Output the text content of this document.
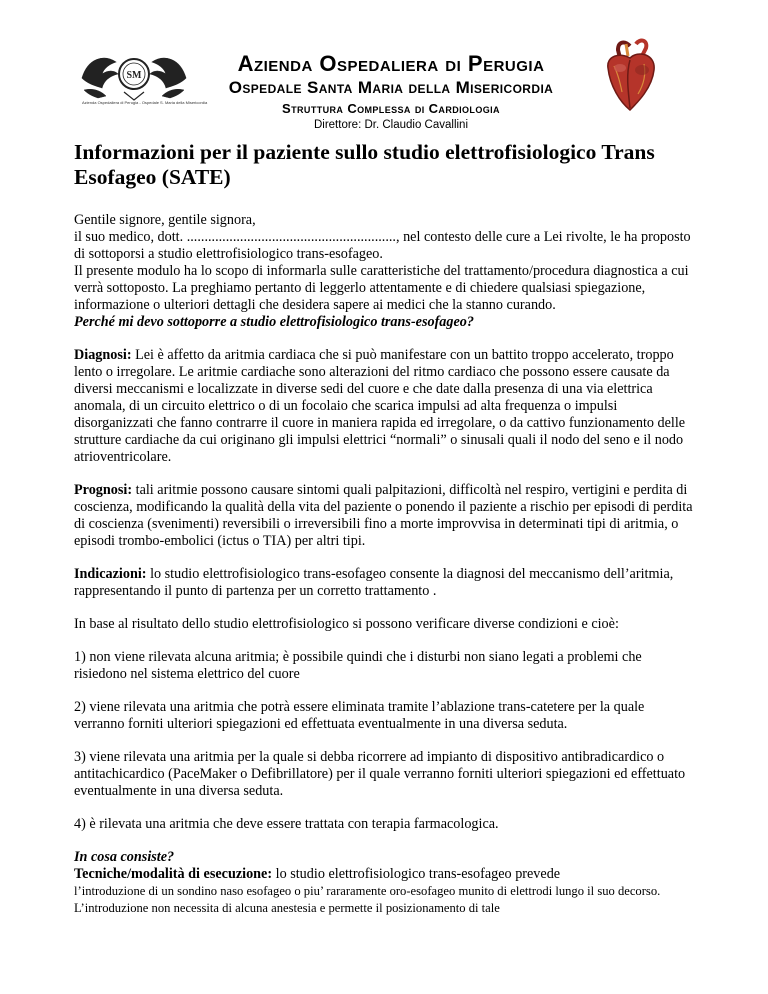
SM
Azienda Ospedaliera di Perugia - Ospedale S. Maria della Misericordia
Azienda Ospedaliera di Perugia
Ospedale Santa Maria della Misericordia
Struttura Complessa di Cardiologia
Direttore: Dr. Claudio Cavallini
Informazioni per il paziente sullo studio elettrofisiologico Trans Esofageo (SATE)
Gentile signore, gentile signora,
il suo medico, dott. ..........................................................., nel contesto delle cure a Lei rivolte, le ha proposto di sottoporsi a studio elettrofisiologico trans-esofageo.
Il presente modulo ha lo scopo di informarla sulle caratteristiche del trattamento/procedura diagnostica a cui verrà sottoposto. La preghiamo pertanto di leggerlo attentamente e di chiedere qualsiasi spiegazione, informazione o ulteriori dettagli che desidera sapere ai medici che la stanno curando.
Perché mi devo sottoporre a studio elettrofisiologico trans-esofageo?
Diagnosi: Lei è affetto da aritmia cardiaca che si può manifestare con un battito troppo accelerato, troppo lento o irregolare. Le aritmie cardiache sono alterazioni del ritmo cardiaco che possono essere causate da diversi meccanismi e localizzate in diverse sedi del cuore e che date dalla presenza di una via elettrica anomala, di un circuito elettrico o di un focolaio che scarica impulsi ad alta frequenza o impulsi disorganizzati che fanno contrarre il cuore in maniera rapida ed irregolare, o da cattivo funzionamento delle strutture cardiache da cui originano gli impulsi elettrici “normali” o sinusali quali il nodo del seno e il nodo atrioventricolare.
Prognosi: tali aritmie possono causare sintomi quali palpitazioni, difficoltà nel respiro, vertigini e perdita di coscienza, modificando la qualità della vita del paziente o ponendo il paziente a rischio per episodi di perdita di coscienza (svenimenti) reversibili o irreversibili fino a morte improvvisa in determinati tipi di aritmia, o episodi trombo-embolici (ictus o TIA) per altri tipi.
Indicazioni: lo studio elettrofisiologico trans-esofageo consente la diagnosi del meccanismo dell’aritmia, rappresentando il punto di partenza per un corretto trattamento .
In base al risultato dello studio elettrofisiologico si possono verificare diverse condizioni e cioè:
1) non viene rilevata alcuna aritmia; è possibile quindi che i disturbi non siano legati a problemi che risiedono nel sistema elettrico del cuore
2) viene rilevata una aritmia che potrà essere eliminata tramite l’ablazione trans-catetere per la quale verranno forniti ulteriori spiegazioni ed effettuata eventualmente in una diversa seduta.
3) viene rilevata una aritmia per la quale si debba ricorrere ad impianto di dispositivo antibradicardico o antitachicardico (PaceMaker o Defibrillatore) per il quale verranno forniti ulteriori spiegazioni ed effettuato eventualmente in una diversa seduta.
4) è rilevata una aritmia che deve essere trattata con terapia farmacologica.
In cosa consiste?
Tecniche/modalità di esecuzione: lo studio elettrofisiologico trans-esofageo prevede
l’introduzione di un sondino naso esofageo o piu’ rararamente oro-esofageo munito di elettrodi lungo il suo decorso. L’introduzione non necessita di alcuna anestesia e permette il posizionamento di tale
